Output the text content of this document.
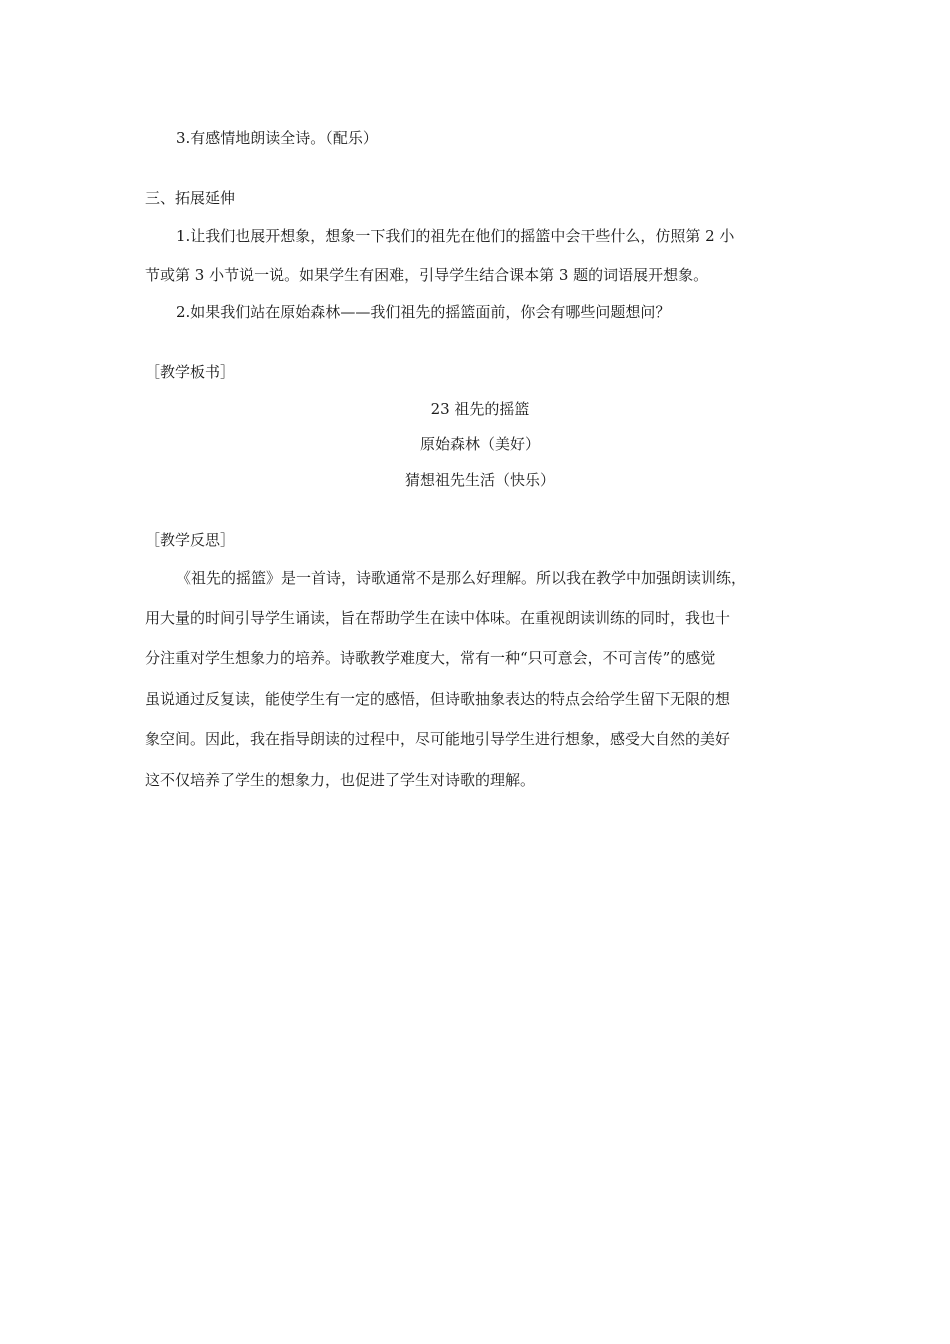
3.有感情地朗读全诗。（配乐）
三、拓展延伸
1.让我们也展开想象，想象一下我们的祖先在他们的摇篮中会干些什么，仿照第 2 小
节或第 3 小节说一说。如果学生有困难，引导学生结合课本第 3 题的词语展开想象。
2.如果我们站在原始森林——我们祖先的摇篮面前，你会有哪些问题想问？
［教学板书］
23 祖先的摇篮
原始森林（美好）
猜想祖先生活（快乐）
［教学反思］
《祖先的摇篮》是一首诗，诗歌通常不是那么好理解。所以我在教学中加强朗读训练，
用大量的时间引导学生诵读，旨在帮助学生在读中体味。在重视朗读训练的同时，我也十
分注重对学生想象力的培养。诗歌教学难度大，常有一种“只可意会，不可言传”的感觉
虽说通过反复读，能使学生有一定的感悟，但诗歌抽象表达的特点会给学生留下无限的想
象空间。因此，我在指导朗读的过程中，尽可能地引导学生进行想象，感受大自然的美好
这不仅培养了学生的想象力，也促进了学生对诗歌的理解。
